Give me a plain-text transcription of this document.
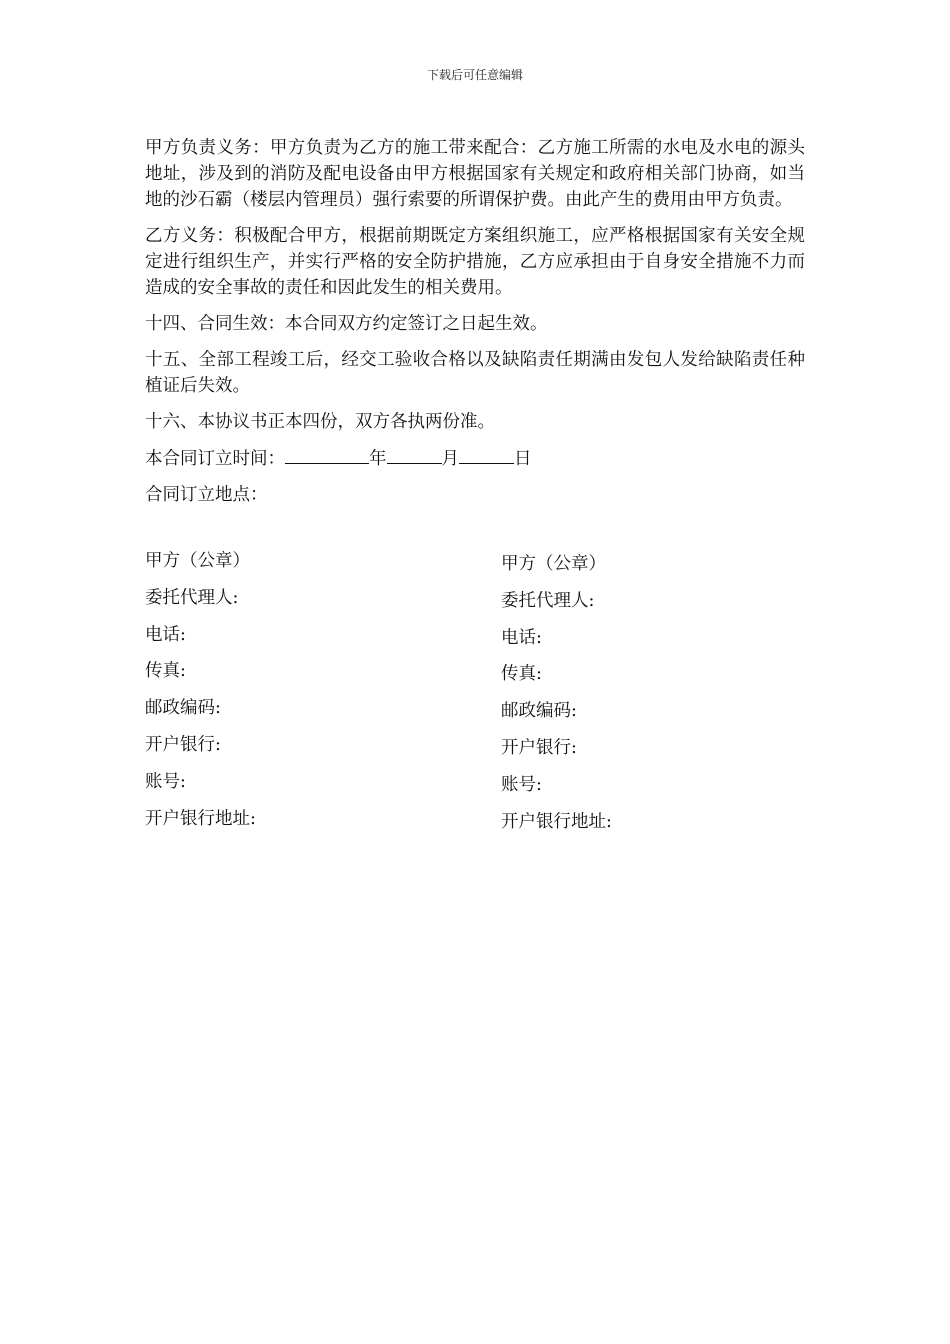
下载后可任意编辑

甲方负责义务：甲方负责为乙方的施工带来配合：乙方施工所需的水电及水电的源头地址，涉及到的消防及配电设备由甲方根据国家有关规定和政府相关部门协商，如当地的沙石霸（楼层内管理员）强行索要的所谓保护费。由此产生的费用由甲方负责。

乙方义务：积极配合甲方，根据前期既定方案组织施工，应严格根据国家有关安全规定进行组织生产，并实行严格的安全防护措施，乙方应承担由于自身安全措施不力而造成的安全事故的责任和因此发生的相关费用。

十四、合同生效：本合同双方约定签订之日起生效。

十五、全部工程竣工后，经交工验收合格以及缺陷责任期满由发包人发给缺陷责任种植证后失效。

十六、本协议书正本四份，双方各执两份准。

本合同订立时间：	年	月	日

合同订立地点：

甲方（公章）	甲方（公章）
委托代理人:	委托代理人:
电话:	电话:
传真:	传真:
邮政编码:	邮政编码:
开户银行:	开户银行:
账号:	账号:
开户银行地址:	开户银行地址:
